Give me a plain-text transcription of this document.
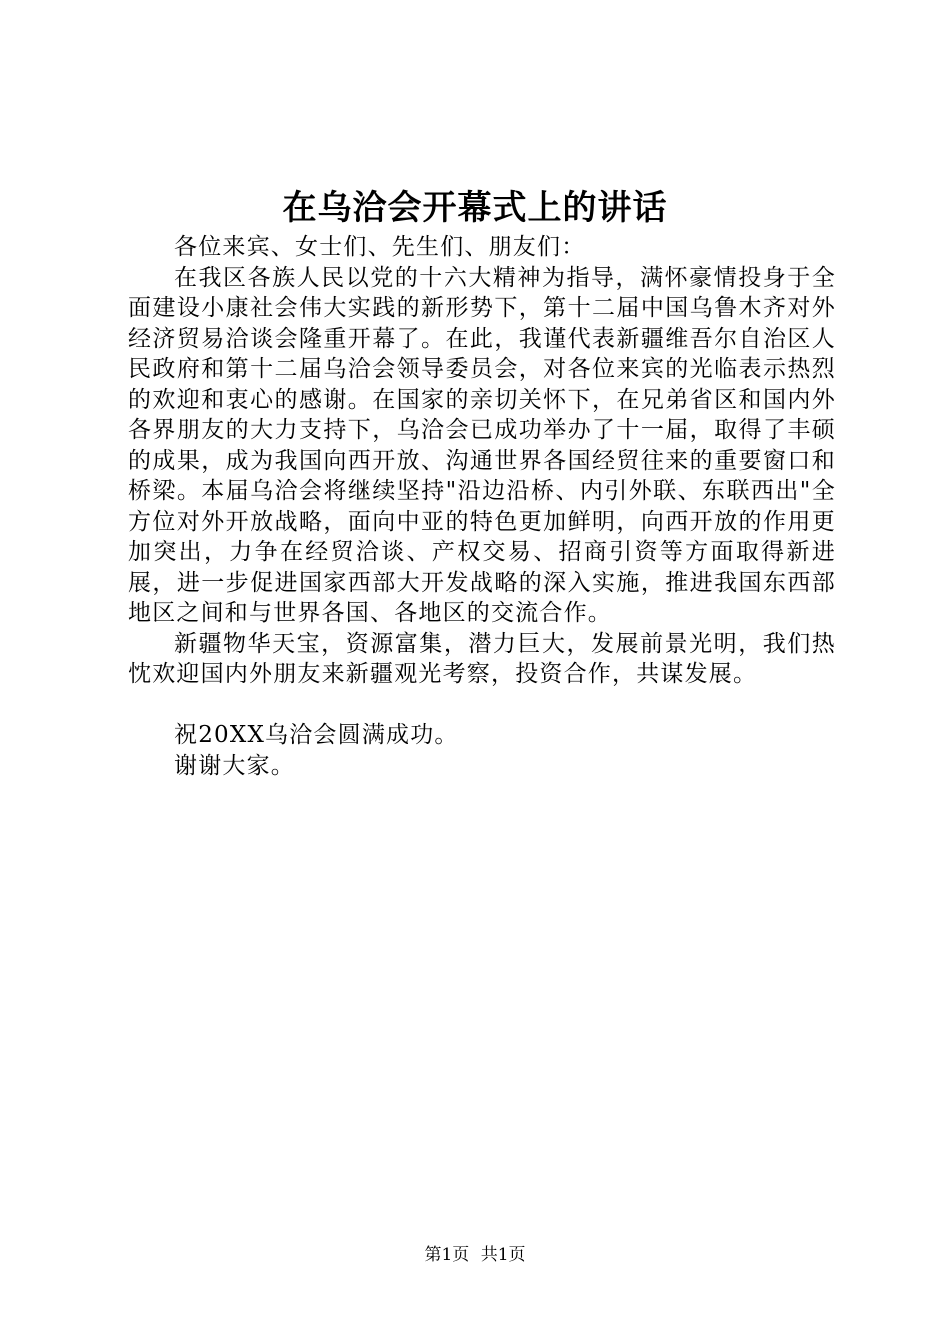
在乌洽会开幕式上的讲话

各位来宾、女士们、先生们、朋友们：

在我区各族人民以党的十六大精神为指导，满怀豪情投身于全面建设小康社会伟大实践的新形势下，第十二届中国乌鲁木齐对外经济贸易洽谈会隆重开幕了。在此，我谨代表新疆维吾尔自治区人民政府和第十二届乌洽会领导委员会，对各位来宾的光临表示热烈的欢迎和衷心的感谢。在国家的亲切关怀下，在兄弟省区和国内外各界朋友的大力支持下，乌洽会已成功举办了十一届，取得了丰硕的成果，成为我国向西开放、沟通世界各国经贸往来的重要窗口和桥梁。本届乌洽会将继续坚持"沿边沿桥、内引外联、东联西出"全方位对外开放战略，面向中亚的特色更加鲜明，向西开放的作用更加突出，力争在经贸洽谈、产权交易、招商引资等方面取得新进展，进一步促进国家西部大开发战略的深入实施，推进我国东西部地区之间和与世界各国、各地区的交流合作。

新疆物华天宝，资源富集，潜力巨大，发展前景光明，我们热忱欢迎国内外朋友来新疆观光考察，投资合作，共谋发展。

祝20XX乌洽会圆满成功。

谢谢大家。

第1页 共1页
